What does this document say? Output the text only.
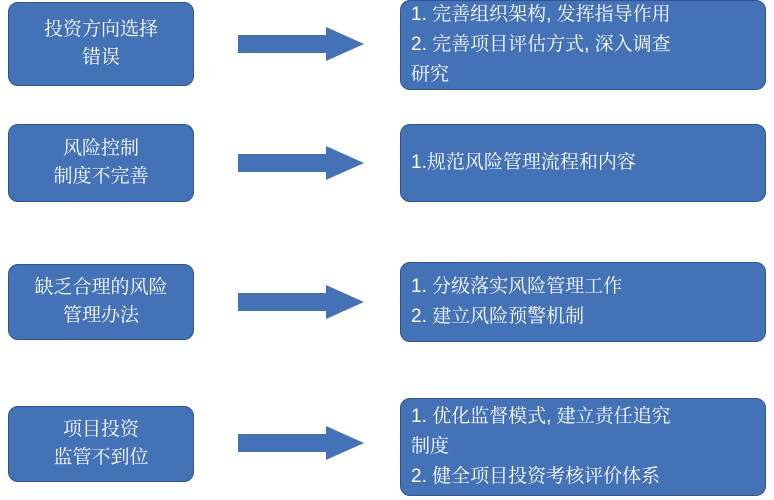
投资方向选择
错误
1. 完善组织架构, 发挥指导作用
2. 完善项目评估方式, 深入调查
研究
风险控制
制度不完善
1.规范风险管理流程和内容
缺乏合理的风险
管理办法
1. 分级落实风险管理工作
2. 建立风险预警机制
项目投资
监管不到位
1. 优化监督模式, 建立责任追究
制度
2. 健全项目投资考核评价体系
